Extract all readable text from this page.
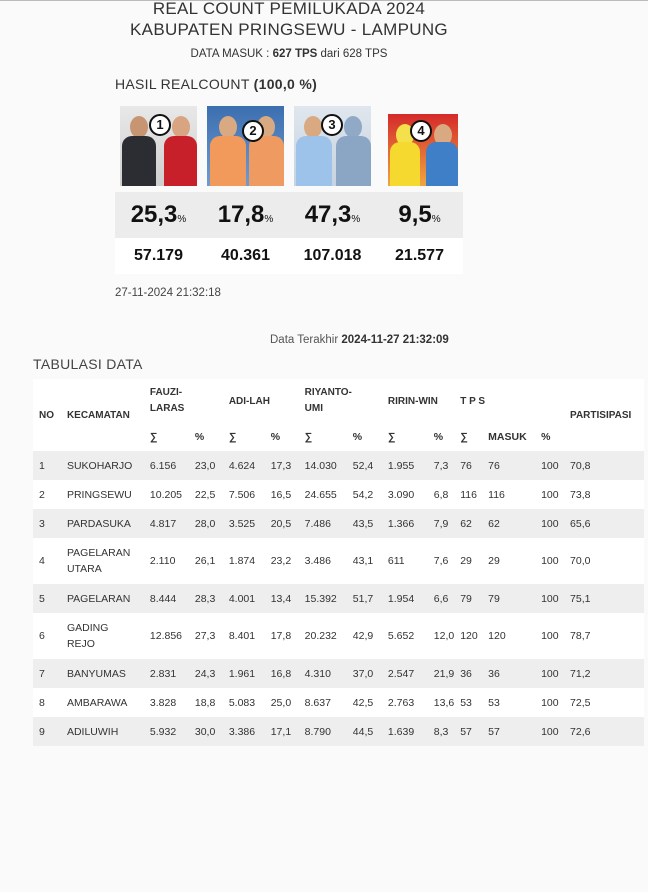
REAL COUNT PEMILUKADA 2024
KABUPATEN PRINGSEWU - LAMPUNG
DATA MASUK : 627 TPS dari 628 TPS
HASIL REALCOUNT (100,0 %)
1	2	3	4
25,3%	17,8%	47,3%	9,5%
57.179	40.361	107.018	21.577
27-11-2024 21:32:18
Data Terakhir 2024-11-27 21:32:09
TABULASI DATA
NO	KECAMATAN	FAUZI-LARAS		ADI-LAH		RIYANTO-UMI		RIRIN-WIN		T P S			PARTISIPASI
		∑	%	∑	%	∑	%	∑	%	∑	MASUK	%	
1	SUKOHARJO	6.156	23,0	4.624	17,3	14.030	52,4	1.955	7,3	76	76	100	70,8
2	PRINGSEWU	10.205	22,5	7.506	16,5	24.655	54,2	3.090	6,8	116	116	100	73,8
3	PARDASUKA	4.817	28,0	3.525	20,5	7.486	43,5	1.366	7,9	62	62	100	65,6
4	PAGELARAN UTARA	2.110	26,1	1.874	23,2	3.486	43,1	611	7,6	29	29	100	70,0
5	PAGELARAN	8.444	28,3	4.001	13,4	15.392	51,7	1.954	6,6	79	79	100	75,1
6	GADING REJO	12.856	27,3	8.401	17,8	20.232	42,9	5.652	12,0	120	120	100	78,7
7	BANYUMAS	2.831	24,3	1.961	16,8	4.310	37,0	2.547	21,9	36	36	100	71,2
8	AMBARAWA	3.828	18,8	5.083	25,0	8.637	42,5	2.763	13,6	53	53	100	72,5
9	ADILUWIH	5.932	30,0	3.386	17,1	8.790	44,5	1.639	8,3	57	57	100	72,6
